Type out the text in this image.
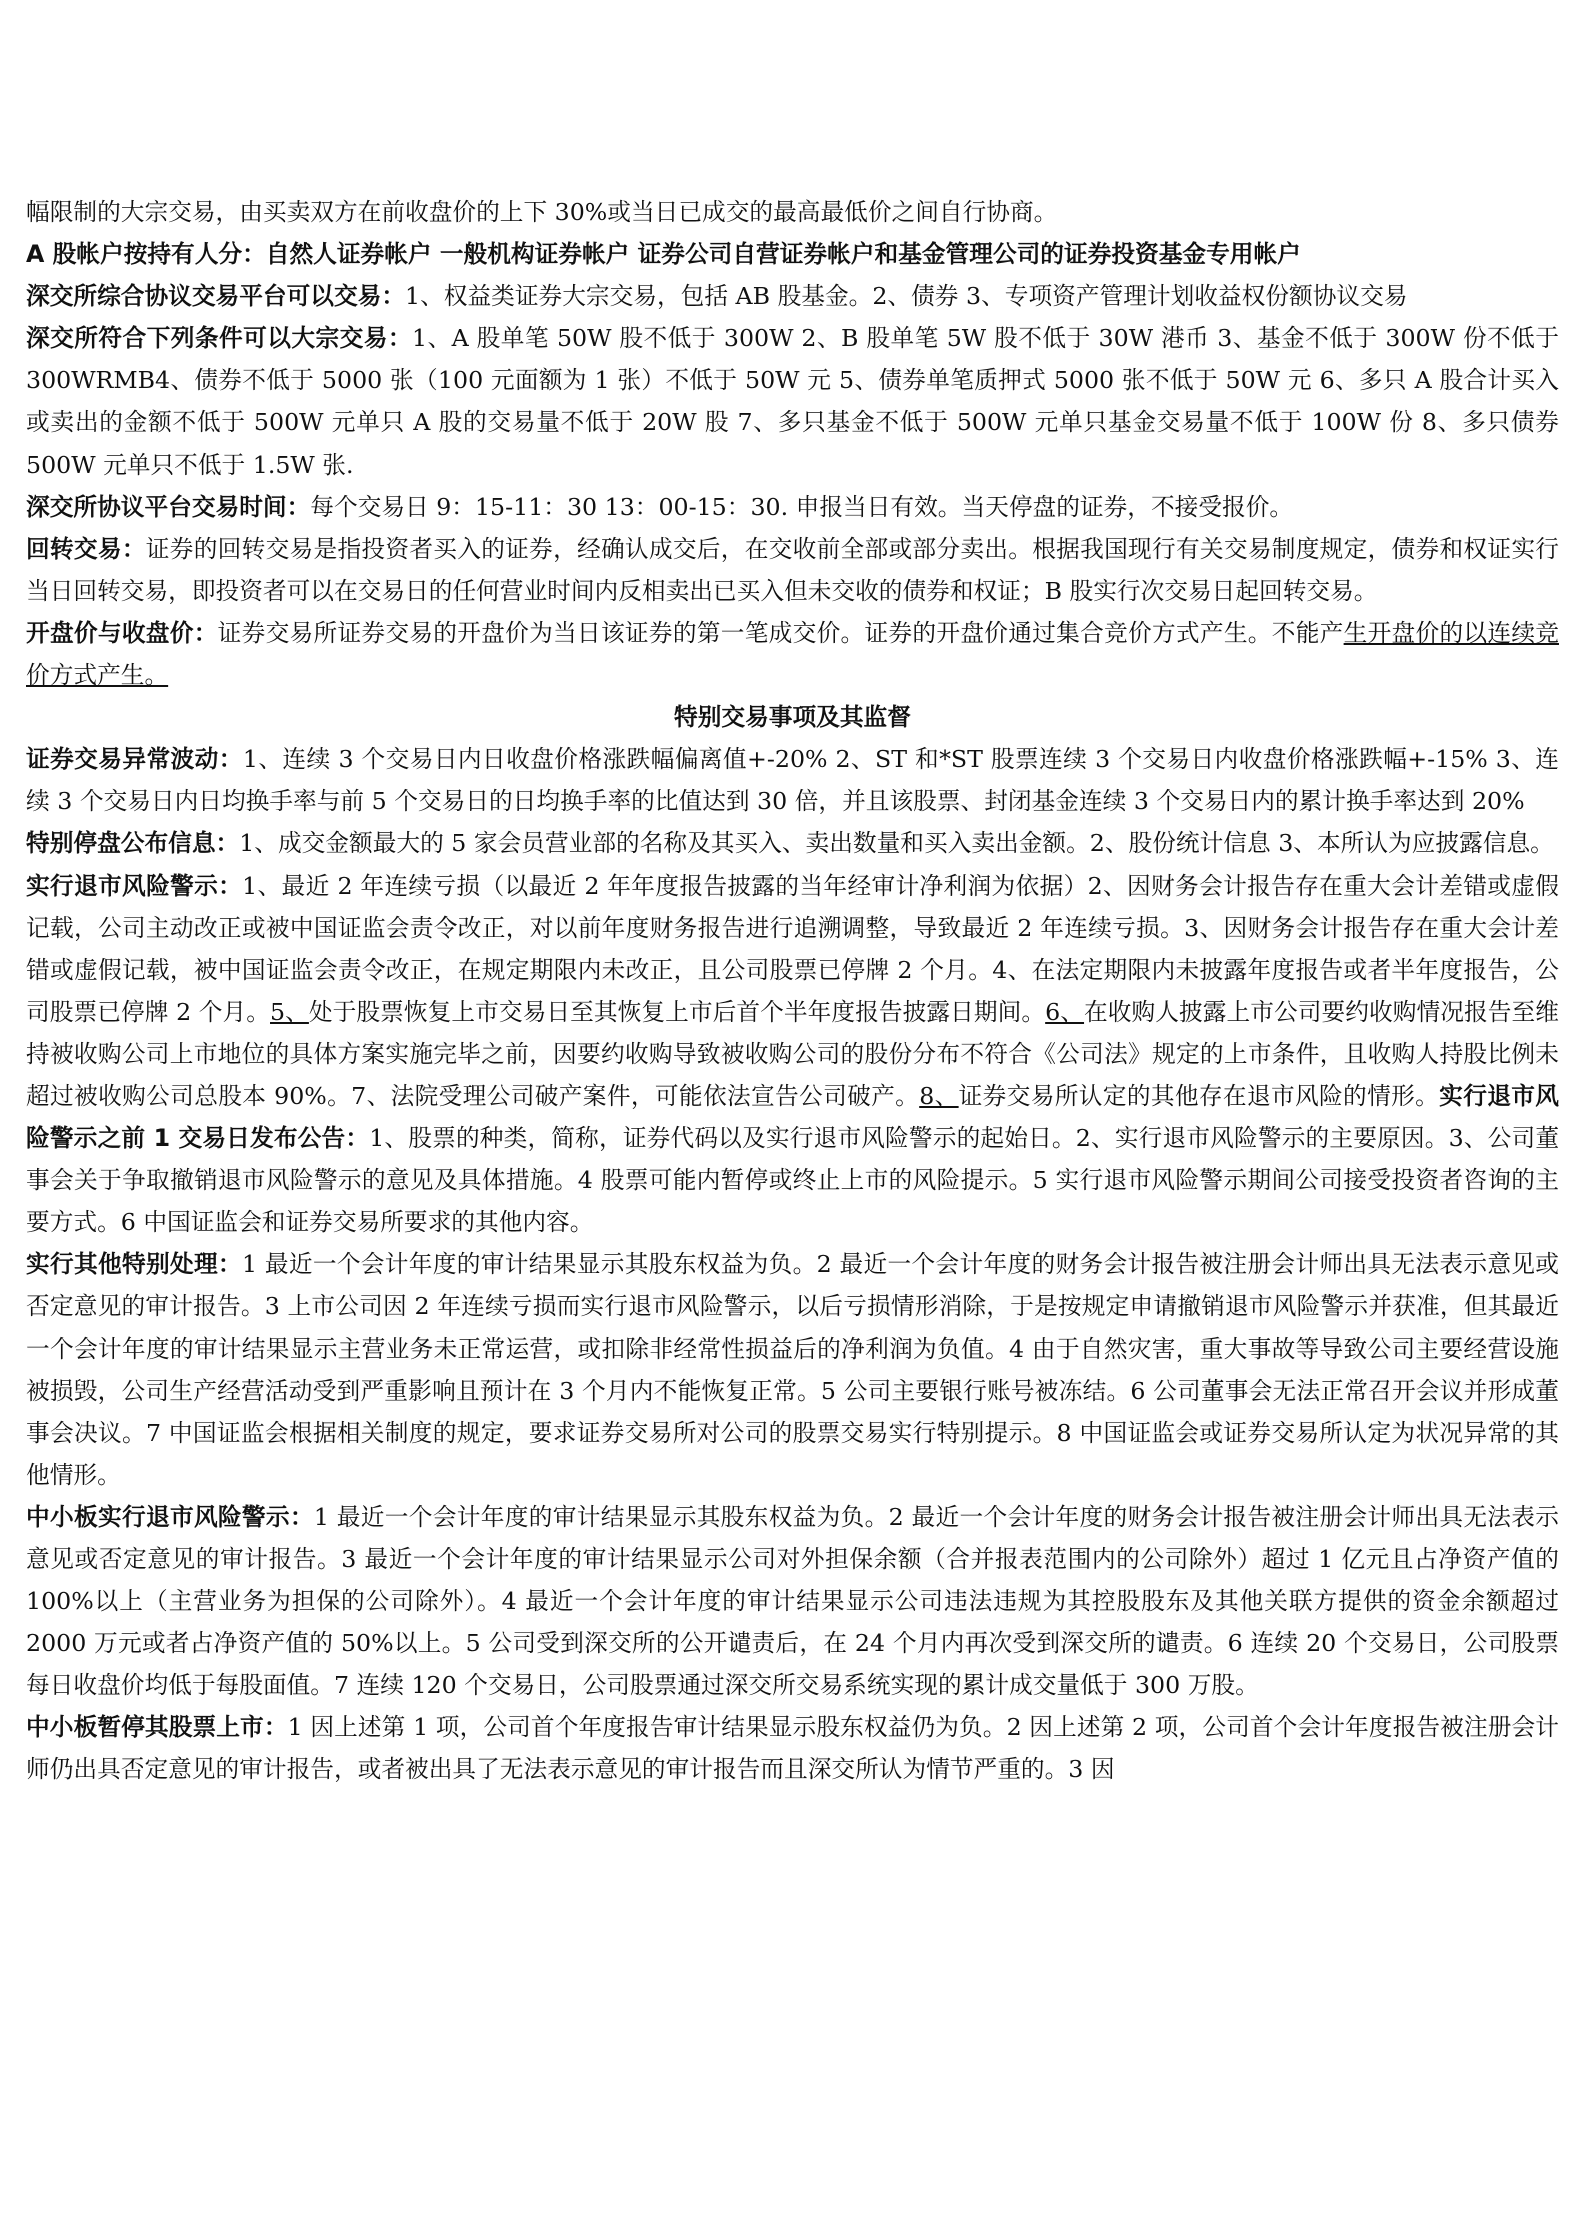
幅限制的大宗交易，由买卖双方在前收盘价的上下 30%或当日已成交的最高最低价之间自行协商。

A 股帐户按持有人分：自然人证券帐户 一般机构证券帐户 证券公司自营证券帐户和基金管理公司的证券投资基金专用帐户

深交所综合协议交易平台可以交易：1、权益类证券大宗交易，包括 AB 股基金。2、债券 3、专项资产管理计划收益权份额协议交易

深交所符合下列条件可以大宗交易：1、A 股单笔 50W 股不低于 300W 2、B 股单笔 5W 股不低于 30W 港币 3、基金不低于 300W 份不低于 300WRMB4、债券不低于 5000 张（100 元面额为 1 张）不低于 50W 元 5、债券单笔质押式 5000 张不低于 50W 元 6、多只 A 股合计买入或卖出的金额不低于 500W 元单只 A 股的交易量不低于 20W 股 7、多只基金不低于 500W 元单只基金交易量不低于 100W 份 8、多只债券 500W 元单只不低于 1.5W 张.

深交所协议平台交易时间：每个交易日 9：15-11：30 13：00-15：30. 申报当日有效。当天停盘的证券，不接受报价。

回转交易：证券的回转交易是指投资者买入的证券，经确认成交后，在交收前全部或部分卖出。根据我国现行有关交易制度规定，债券和权证实行当日回转交易，即投资者可以在交易日的任何营业时间内反相卖出已买入但未交收的债券和权证；B 股实行次交易日起回转交易。

开盘价与收盘价：证券交易所证券交易的开盘价为当日该证券的第一笔成交价。证券的开盘价通过集合竞价方式产生。不能产生开盘价的以连续竞价方式产生。

特别交易事项及其监督

证券交易异常波动：1、连续 3 个交易日内日收盘价格涨跌幅偏离值+-20% 2、ST 和*ST 股票连续 3 个交易日内收盘价格涨跌幅+-15% 3、连续 3 个交易日内日均换手率与前 5 个交易日的日均换手率的比值达到 30 倍，并且该股票、封闭基金连续 3 个交易日内的累计换手率达到 20%

特别停盘公布信息：1、成交金额最大的 5 家会员营业部的名称及其买入、卖出数量和买入卖出金额。2、股份统计信息 3、本所认为应披露信息。

实行退市风险警示：1、最近 2 年连续亏损（以最近 2 年年度报告披露的当年经审计净利润为依据）2、因财务会计报告存在重大会计差错或虚假记载，公司主动改正或被中国证监会责令改正，对以前年度财务报告进行追溯调整，导致最近 2 年连续亏损。3、因财务会计报告存在重大会计差错或虚假记载，被中国证监会责令改正，在规定期限内未改正，且公司股票已停牌 2 个月。4、在法定期限内未披露年度报告或者半年度报告，公司股票已停牌 2 个月。5、处于股票恢复上市交易日至其恢复上市后首个半年度报告披露日期间。6、在收购人披露上市公司要约收购情况报告至维持被收购公司上市地位的具体方案实施完毕之前，因要约收购导致被收购公司的股份分布不符合《公司法》规定的上市条件，且收购人持股比例未超过被收购公司总股本 90%。7、法院受理公司破产案件，可能依法宣告公司破产。8、证券交易所认定的其他存在退市风险的情形。实行退市风险警示之前 1 交易日发布公告：1、股票的种类，简称，证券代码以及实行退市风险警示的起始日。2、实行退市风险警示的主要原因。3、公司董事会关于争取撤销退市风险警示的意见及具体措施。4 股票可能内暂停或终止上市的风险提示。5 实行退市风险警示期间公司接受投资者咨询的主要方式。6 中国证监会和证券交易所要求的其他内容。

实行其他特别处理：1 最近一个会计年度的审计结果显示其股东权益为负。2 最近一个会计年度的财务会计报告被注册会计师出具无法表示意见或否定意见的审计报告。3 上市公司因 2 年连续亏损而实行退市风险警示，以后亏损情形消除，于是按规定申请撤销退市风险警示并获准，但其最近一个会计年度的审计结果显示主营业务未正常运营，或扣除非经常性损益后的净利润为负值。4 由于自然灾害，重大事故等导致公司主要经营设施被损毁，公司生产经营活动受到严重影响且预计在 3 个月内不能恢复正常。5 公司主要银行账号被冻结。6 公司董事会无法正常召开会议并形成董事会决议。7 中国证监会根据相关制度的规定，要求证券交易所对公司的股票交易实行特别提示。8 中国证监会或证券交易所认定为状况异常的其他情形。

中小板实行退市风险警示：1 最近一个会计年度的审计结果显示其股东权益为负。2 最近一个会计年度的财务会计报告被注册会计师出具无法表示意见或否定意见的审计报告。3 最近一个会计年度的审计结果显示公司对外担保余额（合并报表范围内的公司除外）超过 1 亿元且占净资产值的 100%以上（主营业务为担保的公司除外）。4 最近一个会计年度的审计结果显示公司违法违规为其控股股东及其他关联方提供的资金余额超过 2000 万元或者占净资产值的 50%以上。5 公司受到深交所的公开谴责后，在 24 个月内再次受到深交所的谴责。6 连续 20 个交易日，公司股票每日收盘价均低于每股面值。7 连续 120 个交易日，公司股票通过深交所交易系统实现的累计成交量低于 300 万股。

中小板暂停其股票上市：1 因上述第 1 项，公司首个年度报告审计结果显示股东权益仍为负。2 因上述第 2 项，公司首个会计年度报告被注册会计师仍出具否定意见的审计报告，或者被出具了无法表示意见的审计报告而且深交所认为情节严重的。3 因
